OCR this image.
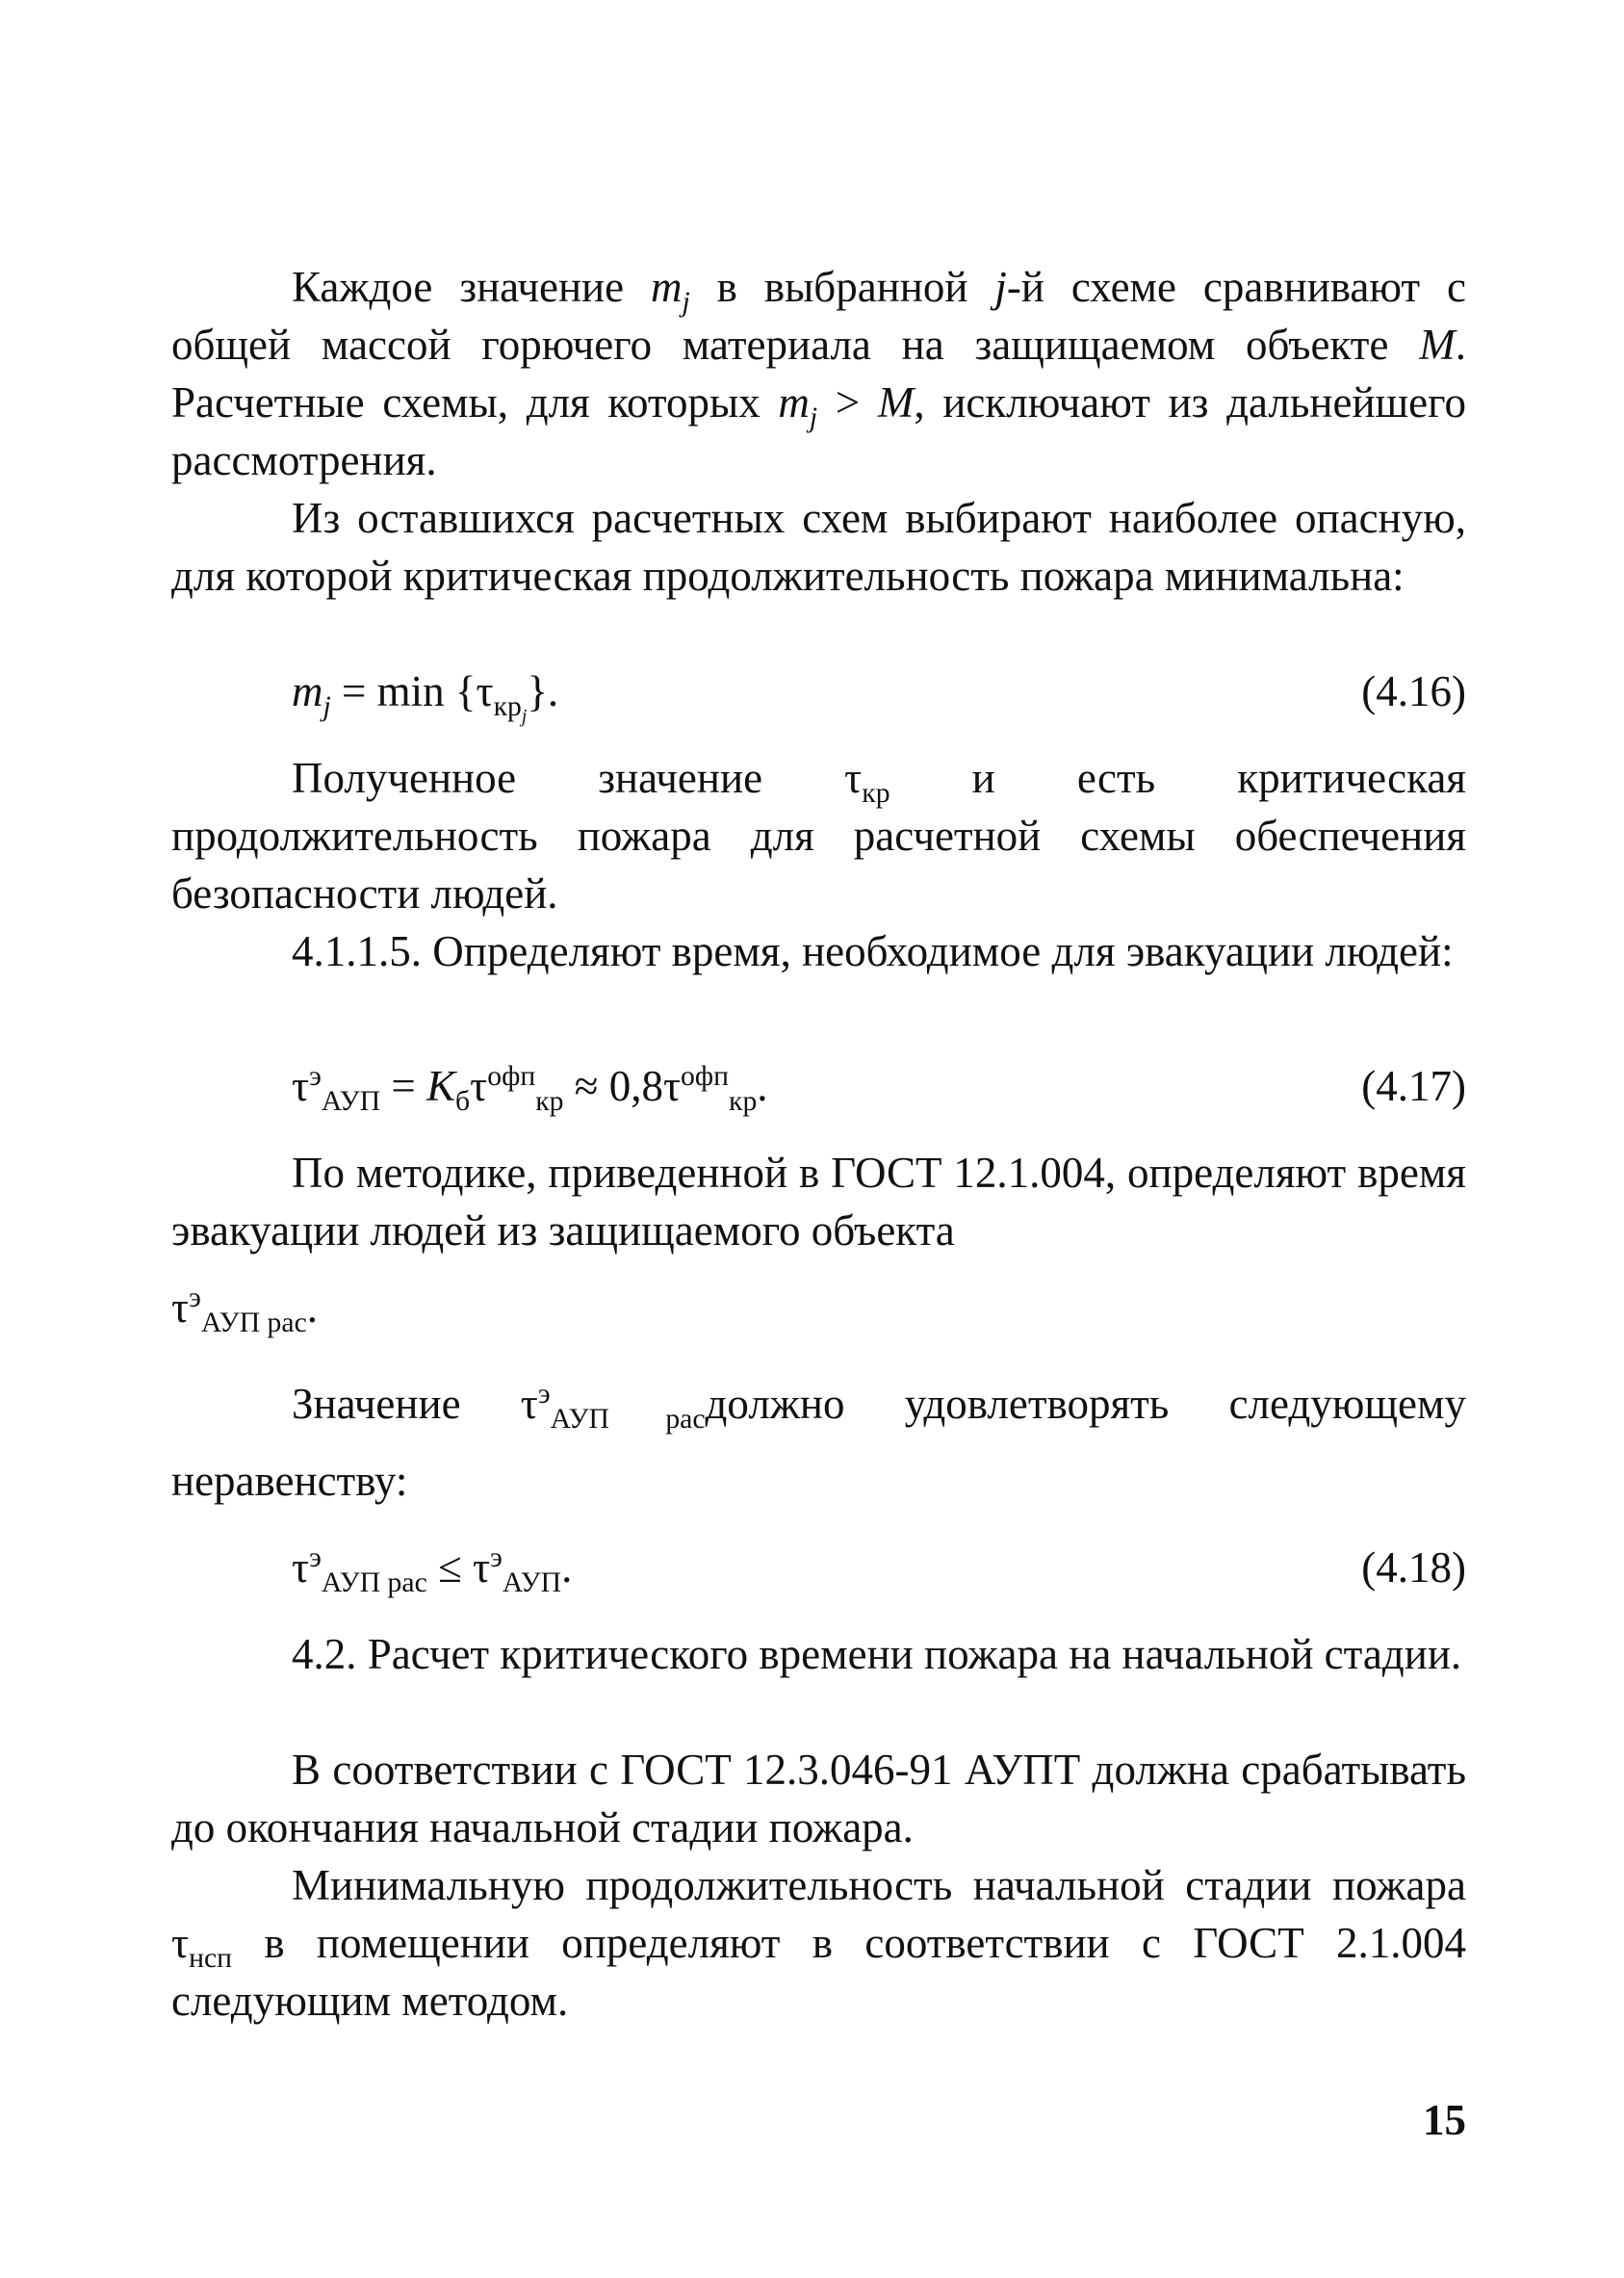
Каждое значение $m_j$ в выбранной j-й схеме сравнивают с общей массой горючего материала на защищаемом объекте M. Расчетные схемы, для которых $m_j > M$, исключают из дальнейшего рассмотрения.

Из оставшихся расчетных схем выбирают наиболее опасную, для которой критическая продолжительность пожара минимальна:

$m_j = \min \{\tau_{кр_j}\}$.	(4.16)

Полученное значение $\tau_{кр}$ и есть критическая продолжительность пожара для расчетной схемы обеспечения безопасности людей.

4.1.1.5. Определяют время, необходимое для эвакуации людей:

$\tau^э_{АУП} = K_б\tau^{офп}_{кр} \approx 0,8\tau^{офп}_{кр}$.	(4.17)

По методике, приведенной в ГОСТ 12.1.004, определяют время эвакуации людей из защищаемого объекта

$\tau^э_{АУП рас}$.

Значение $\tau^э_{АУП рас}должно$ удовлетворять следующему неравенству:

$\tau^э_{АУП рас} \le \tau^э_{АУП}$.	(4.18)

4.2. Расчет критического времени пожара на начальной стадии.

В соответствии с ГОСТ 12.3.046-91 АУПТ должна срабатывать до окончания начальной стадии пожара.

Минимальную продолжительность начальной стадии пожара $\tau_{нсп}$ в помещении определяют в соответствии с ГОСТ 2.1.004 следующим методом.

15
